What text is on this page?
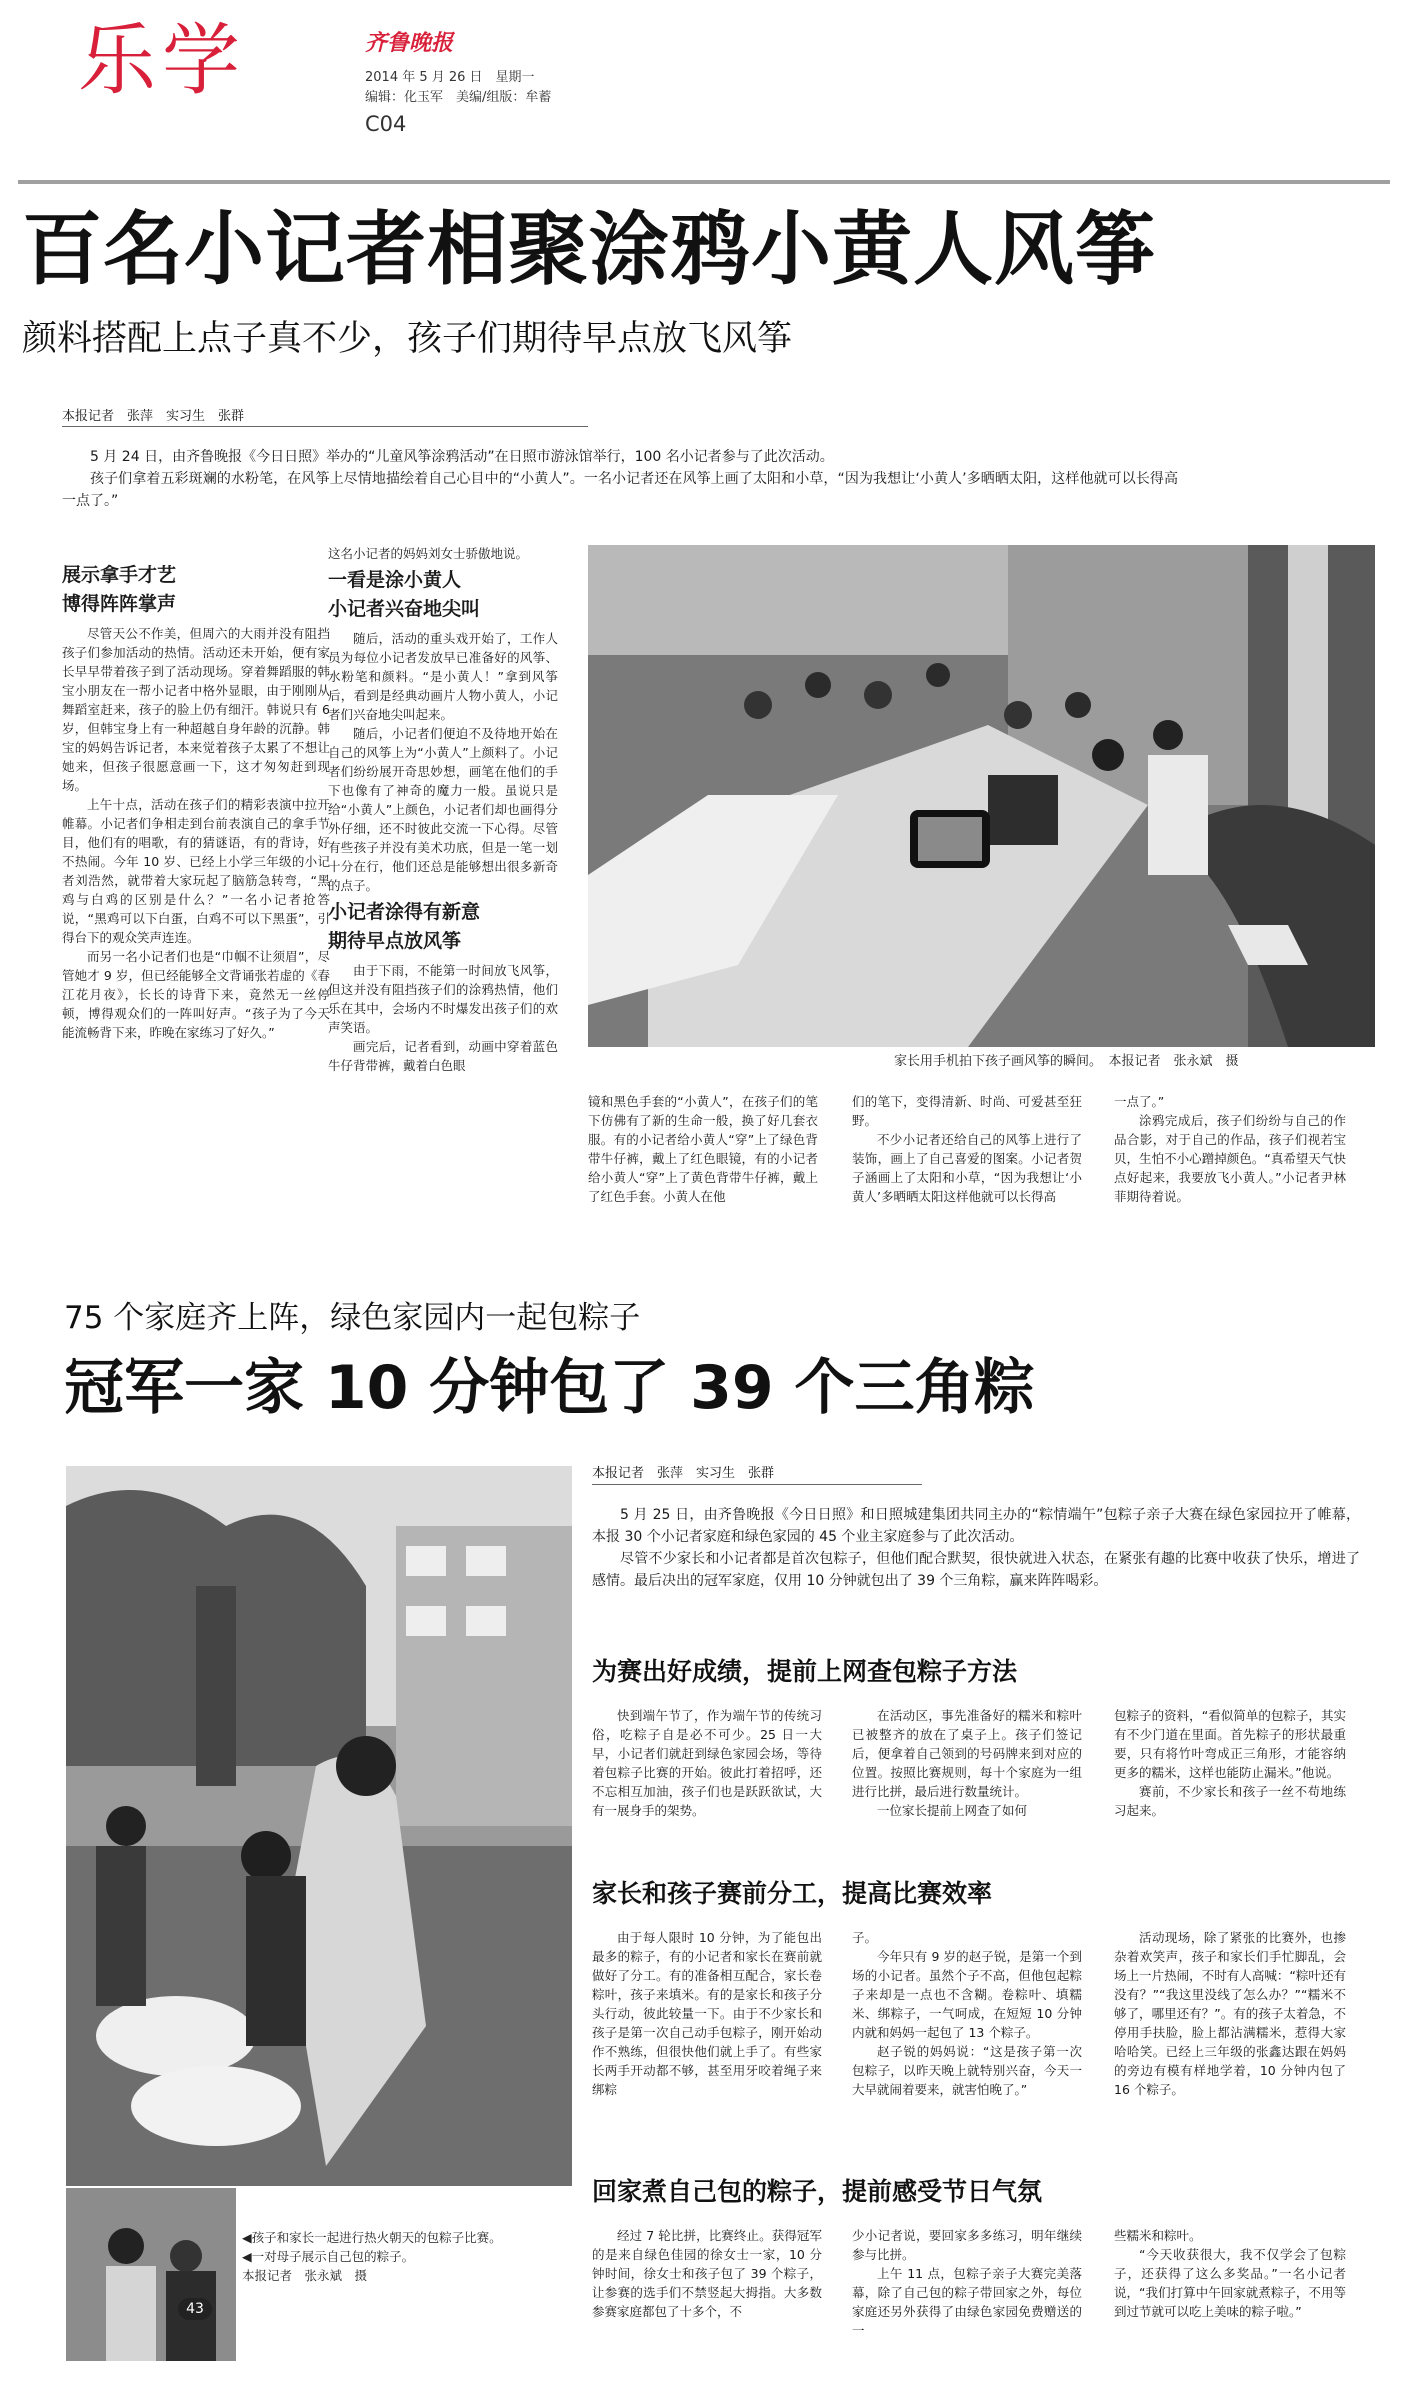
乐学	齐鲁晚报
2014 年 5 月 26 日　星期一
编辑：化玉军　美编/组版：牟蓄
C04
百名小记者相聚涂鸦小黄人风筝
颜料搭配上点子真不少，孩子们期待早点放飞风筝
本报记者　张萍　实习生　张群

5 月 24 日，由齐鲁晚报《今日日照》举办的“儿童风筝涂鸦活动”在日照市游泳馆举行，100 名小记者参与了此次活动。

孩子们拿着五彩斑斓的水粉笔，在风筝上尽情地描绘着自己心目中的“小黄人”。一名小记者还在风筝上画了太阳和小草，“因为我想让‘小黄人’多晒晒太阳，这样他就可以长得高一点了。”

展示拿手才艺
博得阵阵掌声

尽管天公不作美，但周六的大雨并没有阻挡孩子们参加活动的热情。活动还未开始，便有家长早早带着孩子到了活动现场。穿着舞蹈服的韩宝小朋友在一帮小记者中格外显眼，由于刚刚从舞蹈室赶来，孩子的脸上仍有细汗。韩说只有 6 岁，但韩宝身上有一种超越自身年龄的沉静。韩宝的妈妈告诉记者，本来觉着孩子太累了不想让她来，但孩子很愿意画一下，这才匆匆赶到现场。

上午十点，活动在孩子们的精彩表演中拉开帷幕。小记者们争相走到台前表演自己的拿手节目，他们有的唱歌，有的猜谜语，有的背诗，好不热闹。今年 10 岁、已经上小学三年级的小记者刘浩然，就带着大家玩起了脑筋急转弯，“黑鸡与白鸡的区别是什么？”一名小记者抢答说，“黑鸡可以下白蛋，白鸡不可以下黑蛋”，引得台下的观众笑声连连。

而另一名小记者们也是“巾帼不让须眉”，尽管她才 9 岁，但已经能够全文背诵张若虚的《春江花月夜》，长长的诗背下来，竟然无一丝停顿，博得观众们的一阵叫好声。“孩子为了今天能流畅背下来，昨晚在家练习了好久。”

这名小记者的妈妈刘女士骄傲地说。

一看是涂小黄人
小记者兴奋地尖叫

随后，活动的重头戏开始了，工作人员为每位小记者发放早已准备好的风筝、水粉笔和颜料。“是小黄人！”拿到风筝后，看到是经典动画片人物小黄人，小记者们兴奋地尖叫起来。

随后，小记者们便迫不及待地开始在自己的风筝上为“小黄人”上颜料了。小记者们纷纷展开奇思妙想，画笔在他们的手下也像有了神奇的魔力一般。虽说只是给“小黄人”上颜色，小记者们却也画得分外仔细，还不时彼此交流一下心得。尽管有些孩子并没有美术功底，但是一笔一划十分在行，他们还总是能够想出很多新奇的点子。

小记者涂得有新意
期待早点放风筝

由于下雨，不能第一时间放飞风筝，但这并没有阻挡孩子们的涂鸦热情，他们乐在其中，会场内不时爆发出孩子们的欢声笑语。

画完后，记者看到，动画中穿着蓝色牛仔背带裤，戴着白色眼	家长用手机拍下孩子画风筝的瞬间。　本报记者　张永斌　摄

镜和黑色手套的“小黄人”，在孩子们的笔下仿佛有了新的生命一般，换了好几套衣服。有的小记者给小黄人“穿”上了绿色背带牛仔裤，戴上了红色眼镜，有的小记者给小黄人“穿”上了黄色背带牛仔裤，戴上了红色手套。小黄人在他

们的笔下，变得清新、时尚、可爱甚至狂野。

不少小记者还给自己的风筝上进行了装饰，画上了自己喜爱的图案。小记者贺子涵画上了太阳和小草，“因为我想让‘小黄人’多晒晒太阳这样他就可以长得高

一点了。”

涂鸦完成后，孩子们纷纷与自己的作品合影，对于自己的作品，孩子们视若宝贝，生怕不小心蹭掉颜色。“真希望天气快点好起来，我要放飞小黄人。”小记者尹林菲期待着说。

75 个家庭齐上阵，绿色家园内一起包粽子
冠军一家 10 分钟包了 39 个三角粽
43
◀孩子和家长一起进行热火朝天的包粽子比赛。
◀一对母子展示自己包的粽子。
本报记者　张永斌　摄
本报记者　张萍　实习生　张群

5 月 25 日，由齐鲁晚报《今日日照》和日照城建集团共同主办的“粽情端午”包粽子亲子大赛在绿色家园拉开了帷幕，本报 30 个小记者家庭和绿色家园的 45 个业主家庭参与了此次活动。

尽管不少家长和小记者都是首次包粽子，但他们配合默契，很快就进入状态，在紧张有趣的比赛中收获了快乐，增进了感情。最后决出的冠军家庭，仅用 10 分钟就包出了 39 个三角粽，赢来阵阵喝彩。

为赛出好成绩，提前上网查包粽子方法

快到端午节了，作为端午节的传统习俗，吃粽子自是必不可少。25 日一大早，小记者们就赶到绿色家园会场，等待着包粽子比赛的开始。彼此打着招呼，还不忘相互加油，孩子们也是跃跃欲试，大有一展身手的架势。

在活动区，事先准备好的糯米和粽叶已被整齐的放在了桌子上。孩子们签记后，便拿着自己领到的号码牌来到对应的位置。按照比赛规则，每十个家庭为一组进行比拼，最后进行数量统计。

一位家长提前上网查了如何

包粽子的资料，“看似简单的包粽子，其实有不少门道在里面。首先粽子的形状最重要，只有将竹叶弯成正三角形，才能容纳更多的糯米，这样也能防止漏米。”他说。

赛前，不少家长和孩子一丝不苟地练习起来。

家长和孩子赛前分工，提高比赛效率

由于每人限时 10 分钟，为了能包出最多的粽子，有的小记者和家长在赛前就做好了分工。有的准备相互配合，家长卷粽叶，孩子来填米。有的是家长和孩子分头行动，彼此较量一下。由于不少家长和孩子是第一次自己动手包粽子，刚开始动作不熟练，但很快他们就上手了。有些家长两手开动都不够，甚至用牙咬着绳子来绑粽

子。

今年只有 9 岁的赵子锐，是第一个到场的小记者。虽然个子不高，但他包起粽子来却是一点也不含糊。卷粽叶、填糯米、绑粽子，一气呵成，在短短 10 分钟内就和妈妈一起包了 13 个粽子。

赵子锐的妈妈说：“这是孩子第一次包粽子，以昨天晚上就特别兴奋，今天一大早就闹着要来，就害怕晚了。”

活动现场，除了紧张的比赛外，也掺杂着欢笑声，孩子和家长们手忙脚乱，会场上一片热闹，不时有人高喊：“粽叶还有没有？”“我这里没线了怎么办？”“糯米不够了，哪里还有？”。有的孩子太着急，不停用手扶脸，脸上都沾满糯米，惹得大家哈哈笑。已经上三年级的张鑫达跟在妈妈的旁边有模有样地学着，10 分钟内包了 16 个粽子。

回家煮自己包的粽子，提前感受节日气氛

经过 7 轮比拼，比赛终止。获得冠军的是来自绿色佳园的徐女士一家，10 分钟时间，徐女士和孩子包了 39 个粽子，让参赛的选手们不禁竖起大拇指。大多数参赛家庭都包了十多个，不

少小记者说，要回家多多练习，明年继续参与比拼。

上午 11 点，包粽子亲子大赛完美落幕，除了自己包的粽子带回家之外，每位家庭还另外获得了由绿色家园免费赠送的一

些糯米和粽叶。

“今天收获很大，我不仅学会了包粽子，还获得了这么多奖品。”一名小记者说，“我们打算中午回家就煮粽子，不用等到过节就可以吃上美味的粽子啦。”
